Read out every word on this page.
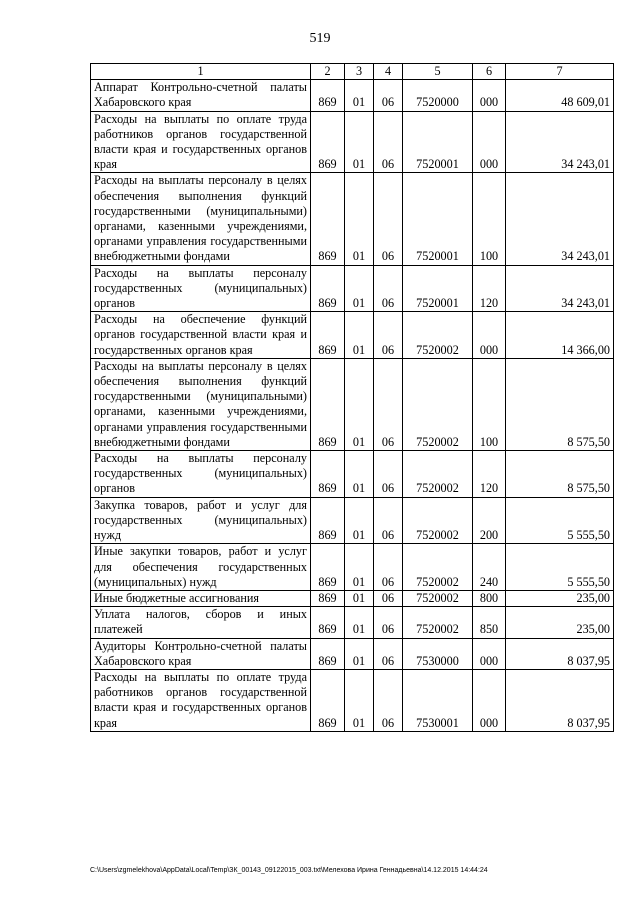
519
1	2	3	4	5	6	7
Аппарат Контрольно-счетной палаты Хабаровского края	869	01	06	7520000	000	48 609,01
Расходы на выплаты по оплате труда работников органов государственной власти края и государственных органов края	869	01	06	7520001	000	34 243,01
Расходы на выплаты персоналу в целях обеспечения выполнения функций государственными (муниципальными) органами, казенными учреждениями, органами управления государственными внебюджетными фондами	869	01	06	7520001	100	34 243,01
Расходы на выплаты персоналу государственных (муниципальных) органов	869	01	06	7520001	120	34 243,01
Расходы на обеспечение функций органов государственной власти края и государственных органов края	869	01	06	7520002	000	14 366,00
Расходы на выплаты персоналу в целях обеспечения выполнения функций государственными (муниципальными) органами, казенными учреждениями, органами управления государственными внебюджетными фондами	869	01	06	7520002	100	8 575,50
Расходы на выплаты персоналу государственных (муниципальных) органов	869	01	06	7520002	120	8 575,50
Закупка товаров, работ и услуг для государственных (муниципальных) нужд	869	01	06	7520002	200	5 555,50
Иные закупки товаров, работ и услуг для обеспечения государственных (муниципальных) нужд	869	01	06	7520002	240	5 555,50
Иные бюджетные ассигнования	869	01	06	7520002	800	235,00
Уплата налогов, сборов и иных платежей	869	01	06	7520002	850	235,00
Аудиторы Контрольно-счетной палаты Хабаровского края	869	01	06	7530000	000	8 037,95
Расходы на выплаты по оплате труда работников органов государственной власти края и государственных органов края	869	01	06	7530001	000	8 037,95
C:\Users\zgmelekhova\AppData\Local\Temp\ЗК_00143_09122015_003.txt\Мелехова Ирина Геннадьевна\14.12.2015 14:44:24
